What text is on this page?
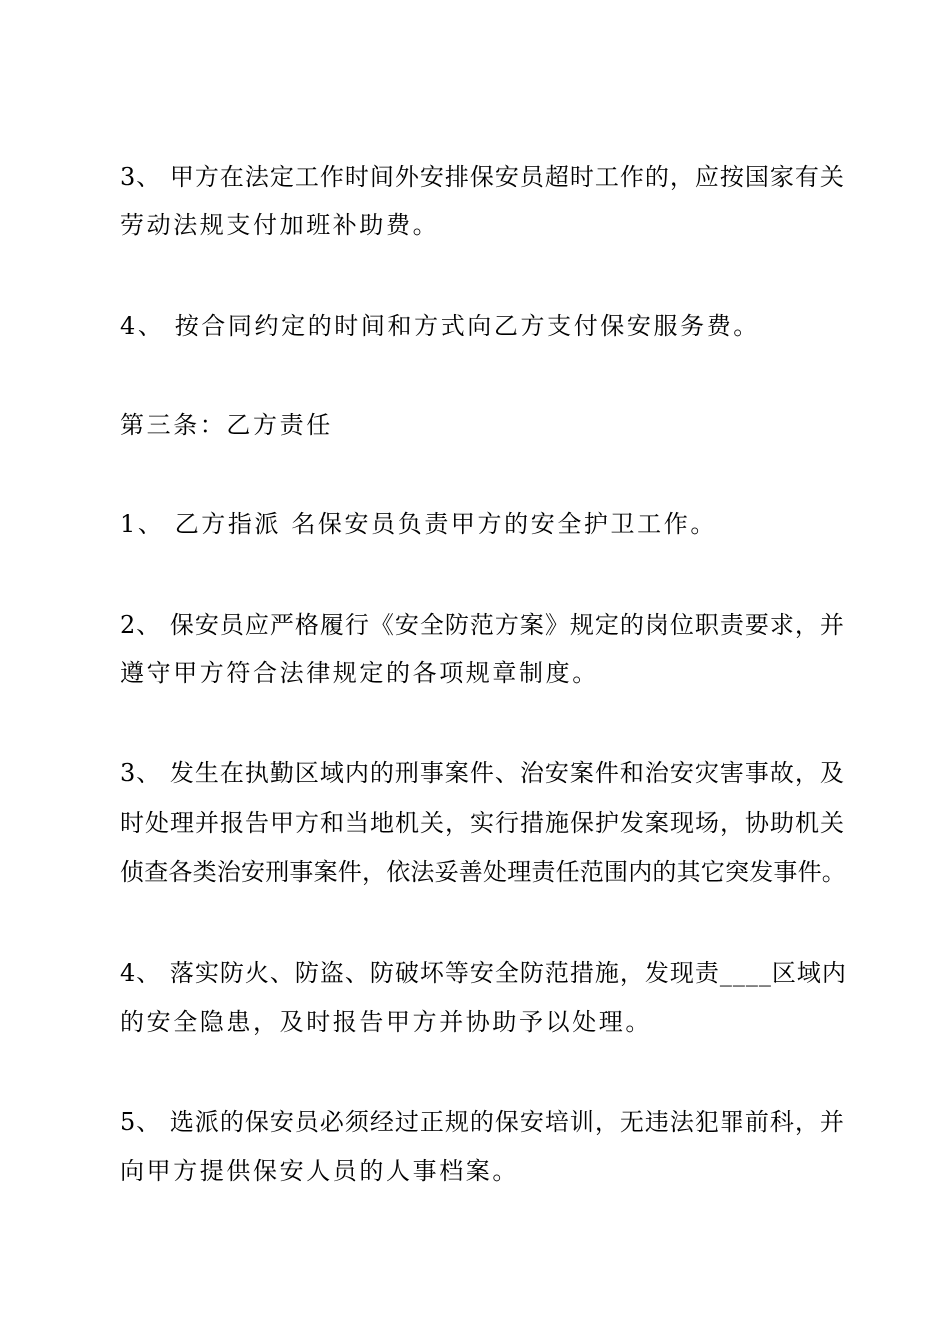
3、 甲方在法定工作时间外安排保安员超时工作的，应按国家有关
劳动法规支付加班补助费。
4、 按合同约定的时间和方式向乙方支付保安服务费。
第三条：乙方责任
1、 乙方指派 名保安员负责甲方的安全护卫工作。
2、 保安员应严格履行《安全防范方案》规定的岗位职责要求，并
遵守甲方符合法律规定的各项规章制度。
3、 发生在执勤区域内的刑事案件、治安案件和治安灾害事故，及
时处理并报告甲方和当地机关，实行措施保护发案现场，协助机关
侦查各类治安刑事案件，依法妥善处理责任范围内的其它突发事件。
4、 落实防火、防盗、防破坏等安全防范措施，发现责____区域内
的安全隐患，及时报告甲方并协助予以处理。
5、 选派的保安员必须经过正规的保安培训，无违法犯罪前科，并
向甲方提供保安人员的人事档案。
